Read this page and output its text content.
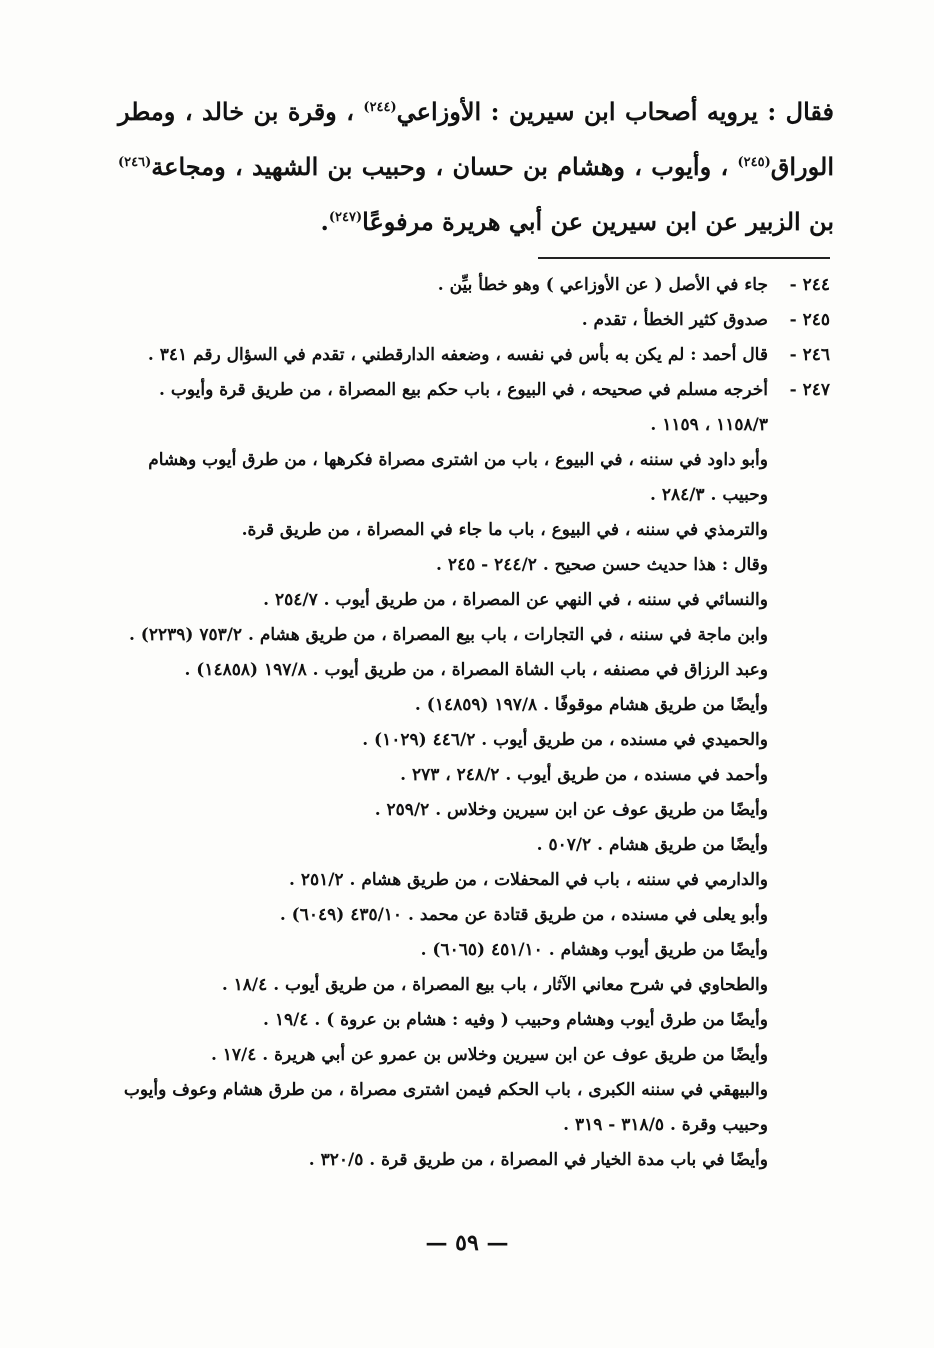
فقال : يرويه أصحاب ابن سيرين : الأوزاعي$^{(٢٤٤)}$ ، وقرة بن خالد ، ومطر الوراق$^{(٢٤٥)}$ ، وأيوب ، وهشام بن حسان ، وحبيب بن الشهيد ، ومجاعة$^{(٢٤٦)}$ بن الزبير عن ابن سيرين عن أبي هريرة مرفوعًا$^{(٢٤٧)}$.
٢٤٤ -
جاء في الأصل ( عن الأوزاعي ) وهو خطأ بيِّن .
٢٤٥ -
صدوق كثير الخطأ ، تقدم .
٢٤٦ -
قال أحمد : لم يكن به بأس في نفسه ، وضعفه الدارقطني ، تقدم في السؤال رقم ٣٤١ .
٢٤٧ -
أخرجه مسلم في صحيحه ، في البيوع ، باب حكم بيع المصراة ، من طريق قرة وأيوب . ١١٥٨/٣ ، ١١٥٩ .
وأبو داود في سننه ، في البيوع ، باب من اشترى مصراة فكرهها ، من طرق أيوب وهشام وحبيب . ٢٨٤/٣ .
والترمذي في سننه ، في البيوع ، باب ما جاء في المصراة ، من طريق قرة.
وقال : هذا حديث حسن صحيح . ٢٤٤/٢ - ٢٤٥ .
والنسائي في سننه ، في النهي عن المصراة ، من طريق أيوب . ٢٥٤/٧ .
وابن ماجة في سننه ، في التجارات ، باب بيع المصراة ، من طريق هشام . ٧٥٣/٢ (٢٢٣٩) .
وعبد الرزاق في مصنفه ، باب الشاة المصراة ، من طريق أيوب . ١٩٧/٨ (١٤٨٥٨) .
وأيضًا من طريق هشام موقوفًا . ١٩٧/٨ (١٤٨٥٩) .
والحميدي في مسنده ، من طريق أيوب . ٤٤٦/٢ (١٠٢٩) .
وأحمد في مسنده ، من طريق أيوب . ٢٤٨/٢ ، ٢٧٣ .
وأيضًا من طريق عوف عن ابن سيرين وخلاس . ٢٥٩/٢ .
وأيضًا من طريق هشام . ٥٠٧/٢ .
والدارمي في سننه ، باب في المحفلات ، من طريق هشام . ٢٥١/٢ .
وأبو يعلى في مسنده ، من طريق قتادة عن محمد . ٤٣٥/١٠ (٦٠٤٩) .
وأيضًا من طريق أيوب وهشام . ٤٥١/١٠ (٦٠٦٥) .
والطحاوي في شرح معاني الآثار ، باب بيع المصراة ، من طريق أيوب . ١٨/٤ .
وأيضًا من طرق أيوب وهشام وحبيب ( وفيه : هشام بن عروة ) . ١٩/٤ .
وأيضًا من طريق عوف عن ابن سيرين وخلاس بن عمرو عن أبي هريرة . ١٧/٤ .
والبيهقي في سننه الكبرى ، باب الحكم فيمن اشترى مصراة ، من طرق هشام وعوف وأيوب وحبيب وقرة . ٣١٨/٥ - ٣١٩ .
وأيضًا في باب مدة الخيار في المصراة ، من طريق قرة . ٣٢٠/٥ .
— ٥٩ —
